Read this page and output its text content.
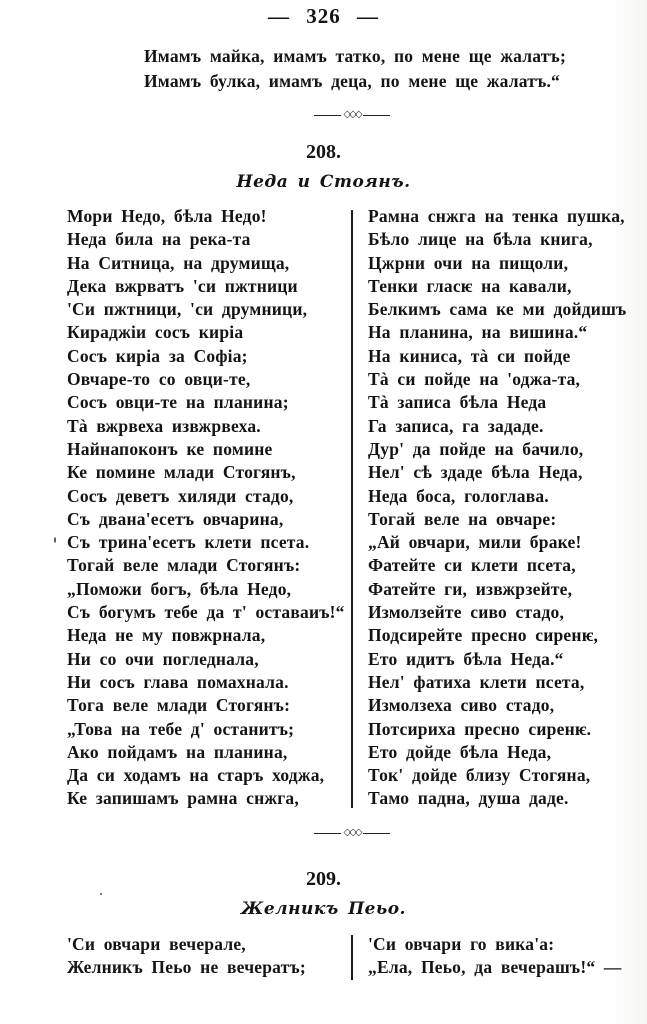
— 326 —
Имамъ майка, имамъ татко, по мене ще жалатъ;
Имамъ булка, имамъ деца, по мене ще жалатъ.“
◇◇◇
208.
Неда и Стоянъ.
Мори Недо, бѣла Недо!
Неда била на река-та
На Ситница, на друмища,
Дека вжрватъ 'си пжтници
'Си пжтници, 'си друмници,
Кираджiи сосъ кирiа
Сосъ кирiа за Софiа;
Овчаре-то со овци-те,
Сосъ овци-те на планина;
Тà вжрвеха извжрвеха.
Найнапоконъ ке помине
Ке помине млади Стогянъ,
Сосъ деветъ хиляди стадо,
Съ двана'есетъ овчарина,
Съ трина'есетъ клети псета.
Тогай веле млади Стогянъ:
„Поможи богъ, бѣла Недо,
Съ богумъ тебе да т' оставаиъ!“
Неда не му повжрнала,
Ни со очи погледнала,
Ни сосъ глава помахнала.
Тога веле млади Стогянъ:
„Това на тебе д' останитъ;
Ако пойдамъ на планина,
Да си ходамъ на старъ ходжа,
Ке запишамъ рамна снжга,
Рамна снжга на тенка пушка,
Бѣло лице на бѣла книга,
Цжрни очи на пищоли,
Тенки гласѥ на кавали,
Белкимъ сама ке ми дойдишъ
На планина, на вишина.“
На киниса, тà си пойде
Тà си пойде на 'оджа-та,
Тà записа бѣла Неда
Га записа, га зададе.
Дур' да пойде на бачило,
Нел' сѣ здаде бѣла Неда,
Неда боса, гологлава.
Тогай веле на овчаре:
„Ай овчари, мили браке!
Фатейте си клети псета,
Фатейте ги, извжрзейте,
Измолзейте сиво стадо,
Подсирейте пресно сиренѥ,
Ето идитъ бѣла Неда.“
Нел' фатиха клети псета,
Измолзеха сиво стадо,
Потсириха пресно сиренѥ.
Ето дойде бѣла Неда,
Ток' дойде близу Стогяна,
Тамо падна, душа даде.
◇◇◇
209.
Желникъ Пеьо.
'Си овчари вечерале,
Желникъ Пеьо не вечератъ;
'Си овчари го вика'а:
„Ела, Пеьо, да вечерашъ!“ —
